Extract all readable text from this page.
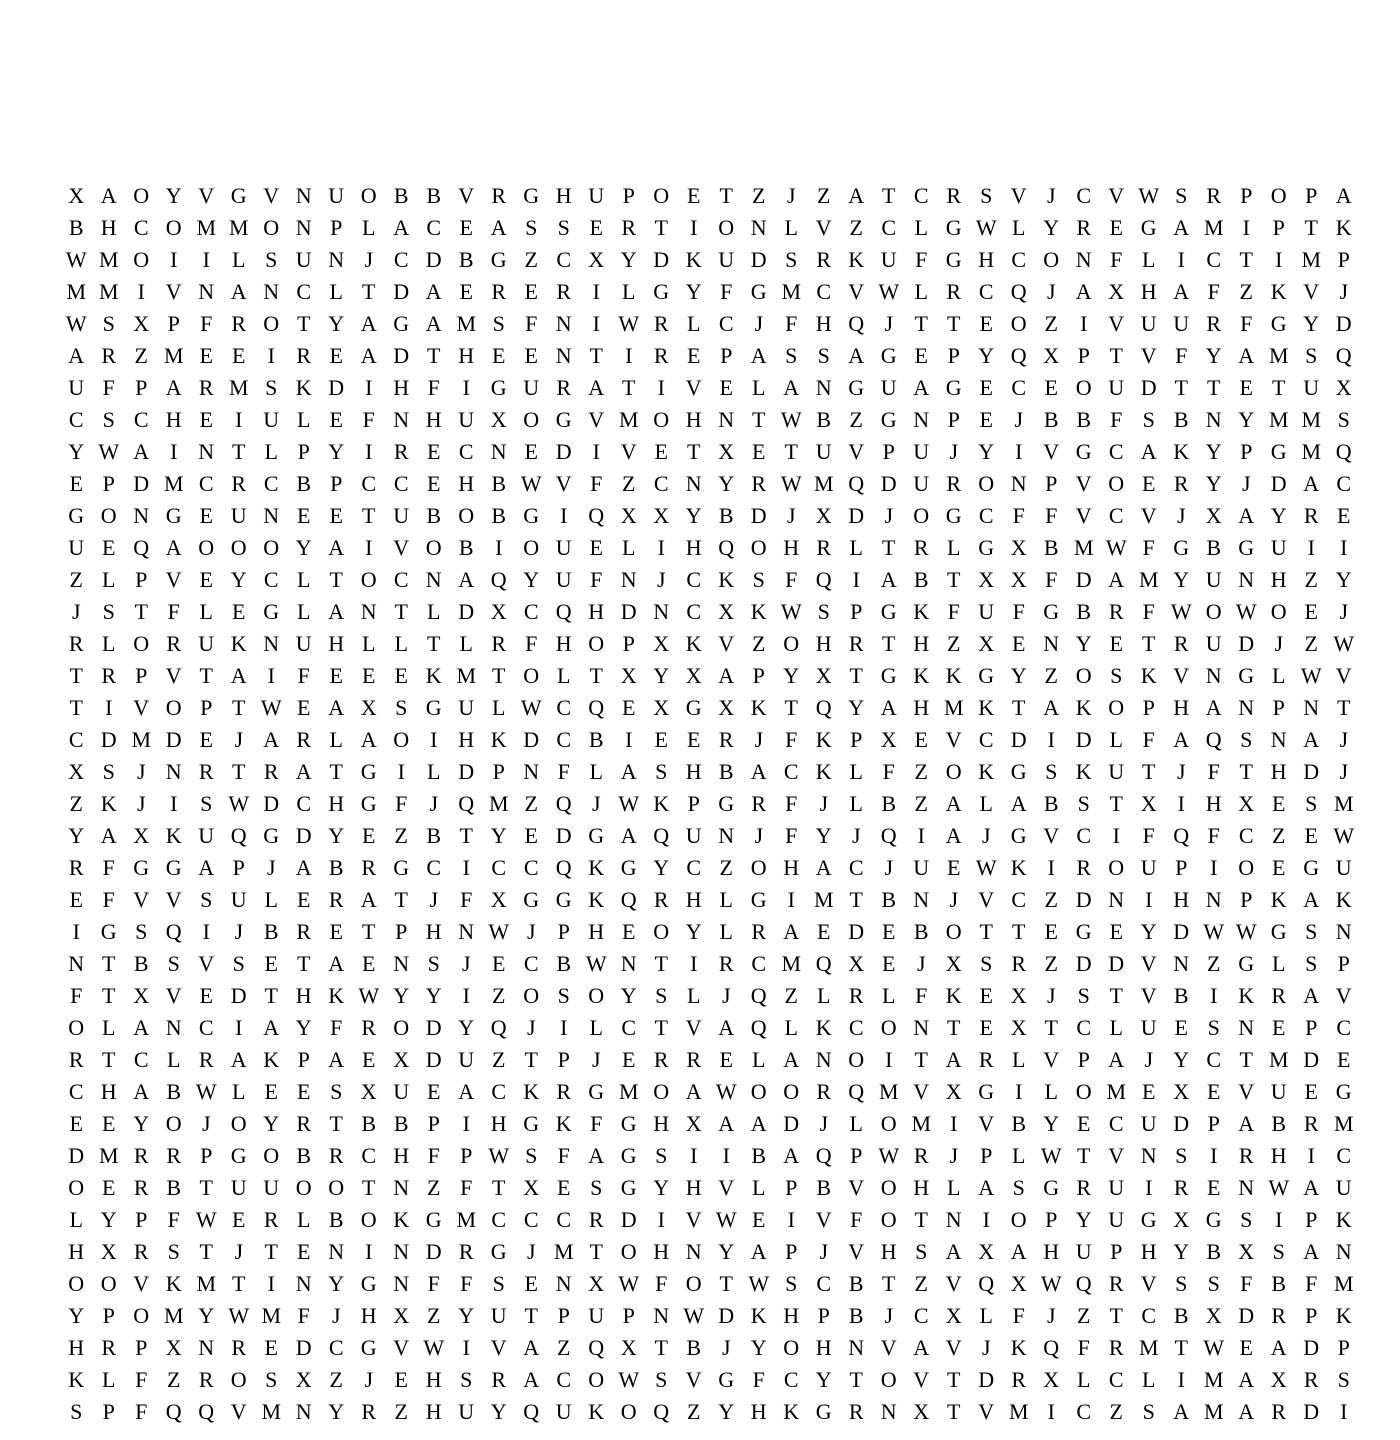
X A O Y V G V N U O B B V R G H U P O E T Z J Z A T C R S V J C V W S R P O P A
B H C O M M O N P L A C E A S S E R T	I O N L V Z C L G W L Y R E G A M I	P T K
W M O I	I	L S U N J C D B G Z C X Y D K U D S R K U F G H C O N F L	I C T	I M P
M M I V N A N C L T D A E R E R I	L G Y F G M C V W L R C Q J A X H A F Z K V J
W S X P F R O T Y A G A M S F N I W R L C J	F H Q J T T E O Z	I V U U R F G Y D
A R Z M E E	I R E A D T H E E N T	I R E P A S S A G E P Y Q X P T V F Y A M S Q
U F P A R M S K D I H F	I G U R A T	I V E L A N G U A G E C E O U D T T E T U X
C S C H E	I U L E F N H U X O G V M O H N T W B Z G N P E J B B F S B N Y M M S
Y W A I N T L P Y I R E C N E D I V E T X E T U V P U J Y I V G C A K Y P G M Q
E P D M C R C B P C C E H B W V F Z C N Y R W M Q D U R O N P V O E R Y J D A C
G O N G E U N E E T U B O B G I Q X X Y B D J X D J O G C F F V C V J X A Y R E
U E Q A O O O Y A I V O B I O U E L	I H Q O H R L T R L G X B M W F G B G U I	I
Z L P V E Y C L T O C N A Q Y U F N J C K S F Q I A B T X X F D A M Y U N H Z Y
J	S T F L E G L A N T L D X C Q H D N C X K W S P G K F U F G B R F W O W O E J
R L O R U K N U H L L T L R F H O P X K V Z O H R T H Z X E N Y E T R U D J Z W
T R P V T A I	F E E E K M T O L T X Y X A P Y X T G K K G Y Z O S K V N G L W V
T	I V O P T W E A X S G U L W C Q E X G X K T Q Y A H M K T A K O P H A N P N T
C D M D E J A R L A O I H K D C B I	E E R J	F K P X E V C D I D L F A Q S N A J
X S	J N R T R A T G I	L D P N F L A S H B A C K L F Z O K G S K U T J	F T H D J
Z K J	I	S W D C H G F	J Q M Z Q J W K P G R F	J L B Z A L A B S T X I H X E S M
Y A X K U Q G D Y E Z B T Y E D G A Q U N J	F Y J Q I A J G V C I	F Q F C Z E W
R F G G A P	J A B R G C I C C Q K G Y C Z O H A C J U E W K I R O U P	I O E G U
E F V V S U L E R A T J	F X G G K Q R H L G I M T B N J V C Z D N I H N P K A K
I G S Q I	J B R E T P H N W J	P H E O Y L R A E D E B O T T E G E Y D W W G S N
N T B S V S E T A E N S	J E C B W N T	I R C M Q X E J X S R Z D D V N Z G L S P
F T X V E D T H K W Y Y I	Z O S O Y S L J Q Z L R L F K E X J	S T V B I K R A V
O L A N C I A Y F R O D Y Q J	I	L C T V A Q L K C O N T E X T C L U E S N E P C
R T C L R A K P A E X D U Z T P	J E R R E L A N O I	T A R L V P A J Y C T M D E
C H A B W L E E S X U E A C K R G M O A W O O R Q M V X G I	L O M E X E V U E G
E E Y O J O Y R T B B P	I H G K F G H X A A D J L O M I V B Y E C U D P A B R M
D M R R P G O B R C H F P W S F A G S	I	I B A Q P W R J	P L W T V N S	I R H I C
O E R B T U U O O T N Z F T X E S G Y H V L P B V O H L A S G R U I R E N W A U
L Y P F W E R L B O K G M C C C R D I V W E	I V F O T N I O P Y U G X G S	I	P K
H X R S T J T E N I N D R G J M T O H N Y A P	J V H S A X A H U P H Y B X S A N
O O V K M T	I N Y G N F F S E N X W F O T W S C B T Z V Q X W Q R V S S F B F M
Y P O M Y W M F	J H X Z Y U T P U P N W D K H P B J C X L F	J Z T C B X D R P K
H R P X N R E D C G V W I V A Z Q X T B J Y O H N V A V J K Q F R M T W E A D P
K L F Z R O S X Z J E H S R A C O W S V G F C Y T O V T D R X L C L	I M A X R S
S P F Q Q V M N Y R Z H U Y Q U K O Q Z Y H K G R N X T V M I C Z S A M A R D I
